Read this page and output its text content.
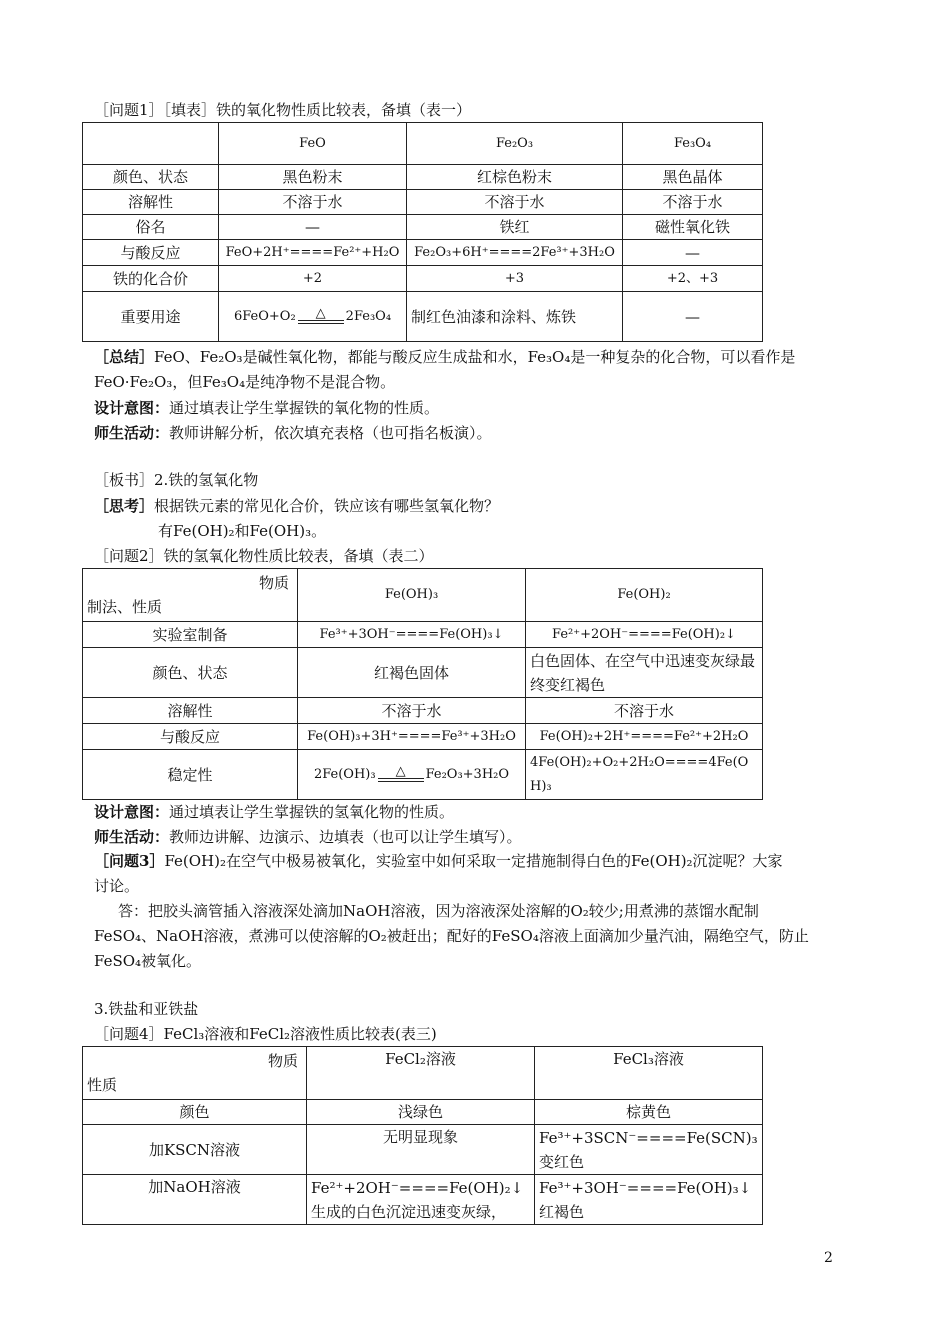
［问题1］［填表］铁的氧化物性质比较表，备填（表一）
	FeO	Fe₂O₃	Fe₃O₄
颜色、状态	黑色粉末	红棕色粉末	黑色晶体
溶解性	不溶于水	不溶于水	不溶于水
俗名	—	铁红	磁性氧化铁
与酸反应	FeO+2H⁺====Fe²⁺+H₂O	Fe₂O₃+6H⁺====2Fe³⁺+3H₂O	—
铁的化合价	+2	+3	+2、+3
重要用途	6FeO+O₂ △ 2Fe₃O₄	制红色油漆和涂料、炼铁	—
［总结］FeO、Fe₂O₃是碱性氧化物，都能与酸反应生成盐和水，Fe₃O₄是一种复杂的化合物，可以看作是
FeO·Fe₂O₃，但Fe₃O₄是纯净物不是混合物。
设计意图：通过填表让学生掌握铁的氧化物的性质。
师生活动：教师讲解分析，依次填充表格（也可指名板演）。
［板书］2.铁的氢氧化物
［思考］根据铁元素的常见化合价，铁应该有哪些氢氧化物？
有Fe(OH)₂和Fe(OH)₃。
［问题2］铁的氢氧化物性质比较表，备填（表二）
物质
制法、性质	Fe(OH)₃	Fe(OH)₂
实验室制备	Fe³⁺+3OH⁻====Fe(OH)₃↓	Fe²⁺+2OH⁻====Fe(OH)₂↓
颜色、状态	红褐色固体	白色固体、在空气中迅速变灰绿最终变红褐色
溶解性	不溶于水	不溶于水
与酸反应	Fe(OH)₃+3H⁺====Fe³⁺+3H₂O	Fe(OH)₂+2H⁺====Fe²⁺+2H₂O
稳定性	2Fe(OH)₃ △ Fe₂O₃+3H₂O	4Fe(OH)₂+O₂+2H₂O====4Fe(OH)₃
设计意图：通过填表让学生掌握铁的氢氧化物的性质。
师生活动：教师边讲解、边演示、边填表（也可以让学生填写）。
［问题3］Fe(OH)₂在空气中极易被氧化，实验室中如何采取一定措施制得白色的Fe(OH)₂沉淀呢？大家
讨论。
答：把胶头滴管插入溶液深处滴加NaOH溶液，因为溶液深处溶解的O₂较少;用煮沸的蒸馏水配制
FeSO₄、NaOH溶液，煮沸可以使溶解的O₂被赶出；配好的FeSO₄溶液上面滴加少量汽油，隔绝空气，防止
FeSO₄被氧化。
3.铁盐和亚铁盐
［问题4］FeCl₃溶液和FeCl₂溶液性质比较表(表三)
物质
性质	FeCl₂溶液	FeCl₃溶液
颜色	浅绿色	棕黄色
加KSCN溶液	无明显现象	Fe³⁺+3SCN⁻====Fe(SCN)₃变红色
加NaOH溶液	Fe²⁺+2OH⁻====Fe(OH)₂↓生成的白色沉淀迅速变灰绿，	Fe³⁺+3OH⁻====Fe(OH)₃↓红褐色
2
